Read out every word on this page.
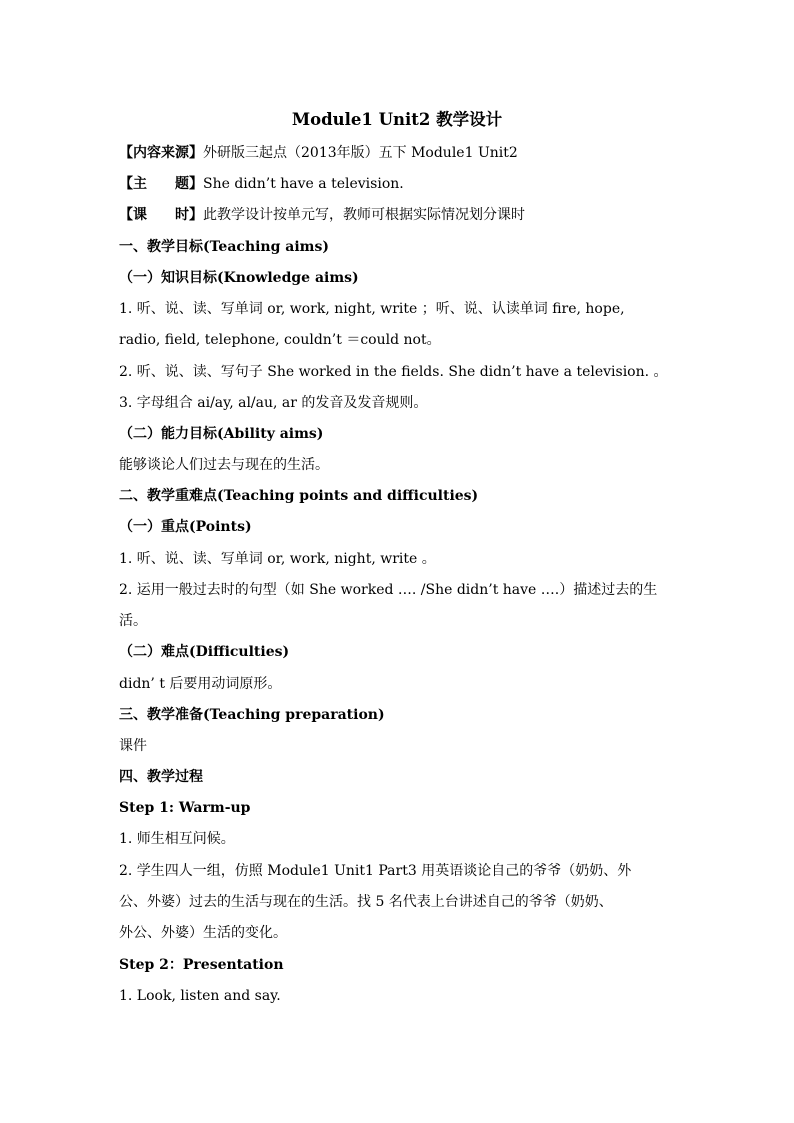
Module1 Unit2 教学设计
【内容来源】外研版三起点（2013年版）五下 Module1 Unit2
【主　　题】She didn’t have a television.
【课　　时】此教学设计按单元写，教师可根据实际情况划分课时
一、教学目标(Teaching aims)
（一）知识目标(Knowledge aims)
1. 听、说、读、写单词 or, work, night, write ；听、说、认读单词 fire, hope,
radio, field, telephone, couldn’t ＝could not。
2. 听、说、读、写句子 She worked in the fields. She didn’t have a television. 。
3. 字母组合 ai/ay, al/au, ar 的发音及发音规则。
（二）能力目标(Ability aims)
能够谈论人们过去与现在的生活。
二、教学重难点(Teaching points and difficulties)
（一）重点(Points)
1. 听、说、读、写单词 or, work, night, write 。
2. 运用一般过去时的句型（如 She worked …. /She didn’t have ….）描述过去的生
活。
（二）难点(Difficulties)
didn’ t 后要用动词原形。
三、教学准备(Teaching preparation)
课件
四、教学过程
Step 1: Warm-up
1. 师生相互问候。
2. 学生四人一组，仿照 Module1 Unit1 Part3 用英语谈论自己的爷爷（奶奶、外
公、外婆）过去的生活与现在的生活。找 5 名代表上台讲述自己的爷爷（奶奶、
外公、外婆）生活的变化。
Step 2：Presentation
1. Look, listen and say.
